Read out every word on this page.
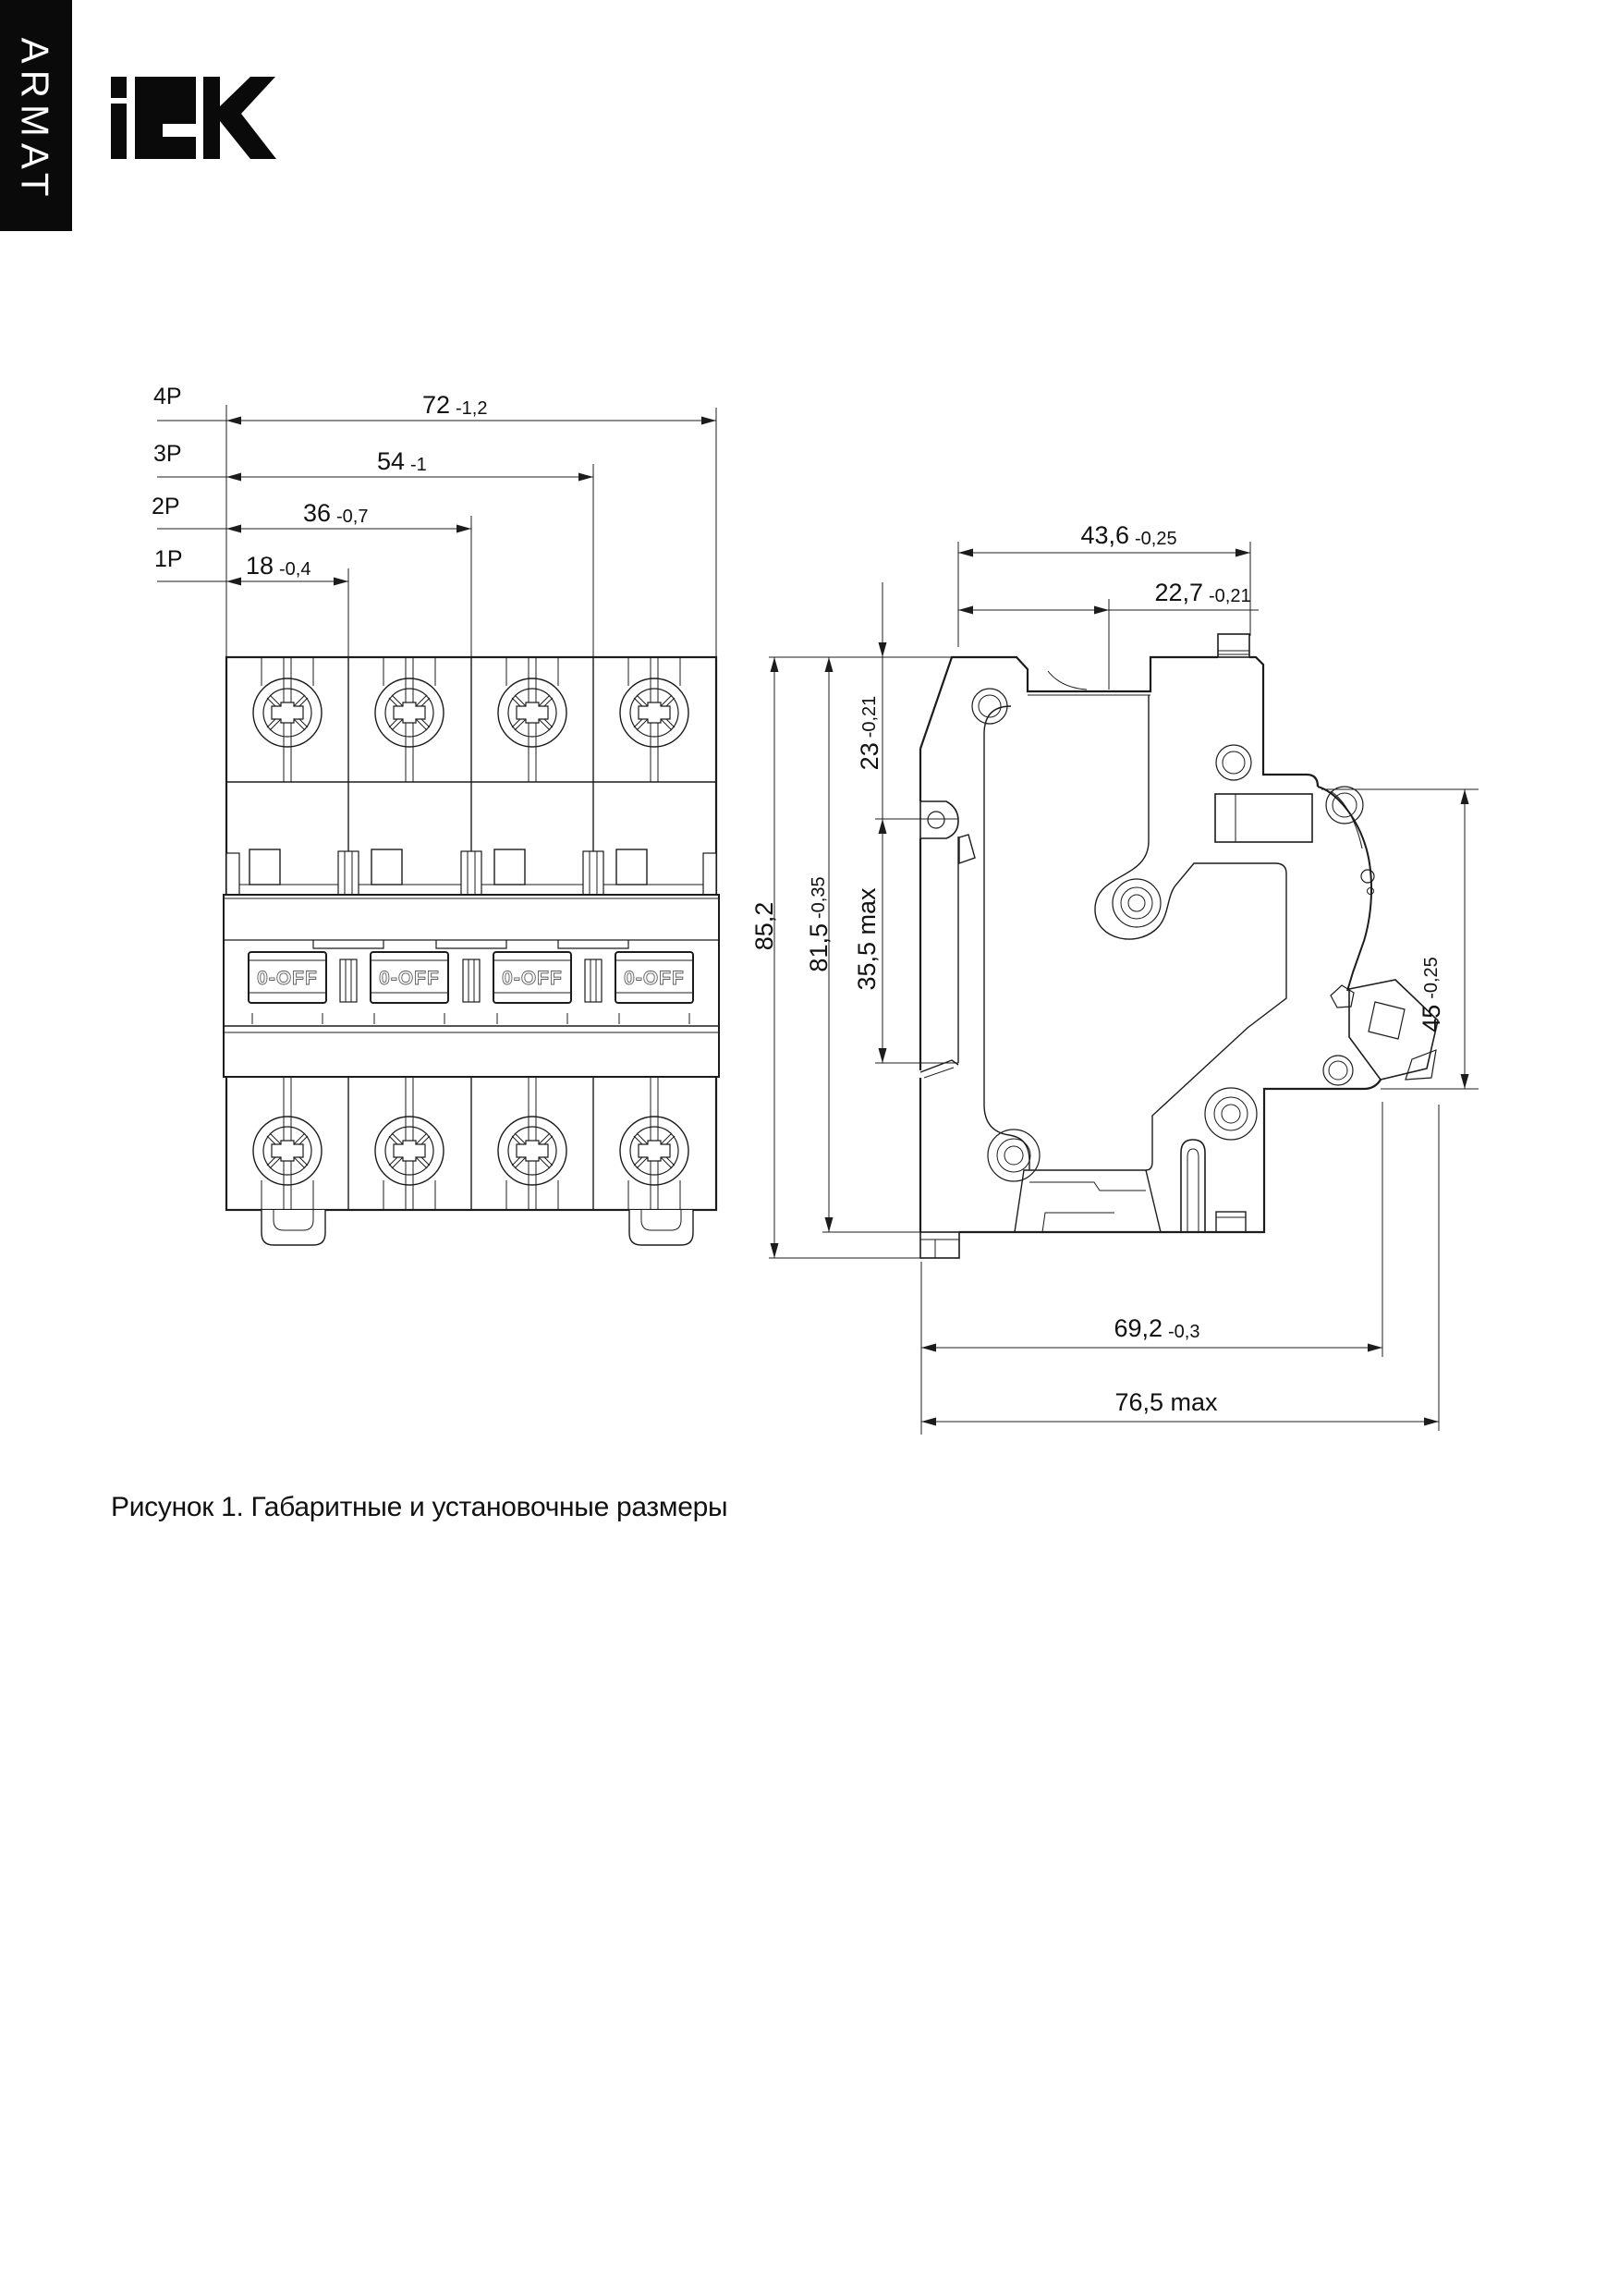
ARMAT
0-OFF	0-OFF	0-OFF	0-OFF
4P
3P
2P
1P
72 -1,2
54 -1
36 -0,7
18 -0,4
43,6 -0,25
22,7 -0,21
69,2 -0,3
76,5 max
85,2 81,5-0,35
23-0,21
35,5 max
45-0,25
Рисунок 1. Габаритные и установочные размеры
